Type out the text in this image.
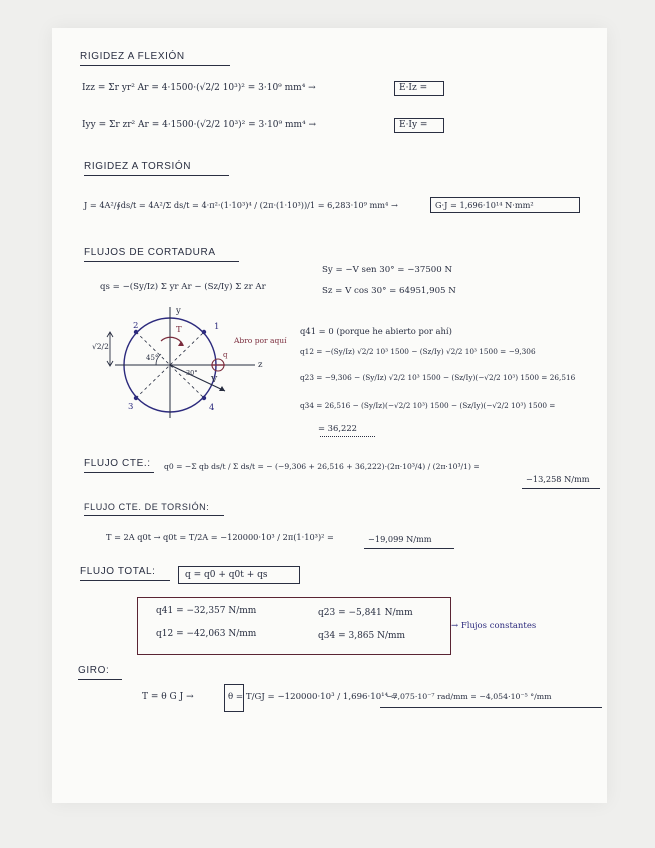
RIGIDEZ A FLEXIÓN
Izz = Σr yr² Ar = 4·1500·(√2/2 10³)² = 3·10⁹ mm⁴ →	E·Iz =
Iyy = Σr zr² Ar = 4·1500·(√2/2 10³)² = 3·10⁹ mm⁴ →	E·Iy =
RIGIDEZ A TORSIÓN
J = 4A²/∮ds/t = 4A²/Σ ds/t = 4·π²·(1·10³)⁴ / (2π·(1·10³))/1 = 6,283·10⁹ mm⁴ →	G·J = 1,696·10¹⁴ N·mm²
FLUJOS DE CORTADURA
qs = −(Sy/Iz) Σ yr Ar − (Sz/Iy) Σ zr Ar
Sy = −V sen 30° = −37500 N
Sz = V cos 30° = 64951,905 N
y
z
1
2
3	4
T
V
45°
30°
√2/2
Abro por aquí
q
q41 = 0 (porque he abierto por ahí)
q12 = −(Sy/Iz) √2/2 10³ 1500 − (Sz/Iy) √2/2 10³ 1500 = −9,306
q23 = −9,306 − (Sy/Iz) √2/2 10³ 1500 − (Sz/Iy)(−√2/2 10³) 1500 = 26,516
q34 = 26,516 − (Sy/Iz)(−√2/2 10³) 1500 − (Sz/Iy)(−√2/2 10³) 1500 =
= 36,222
FLUJO CTE.: q0 = −Σ qb ds/t / Σ ds/t = − (−9,306 + 26,516 + 36,222)·(2π·10³/4) / (2π·10³/1) =
−13,258 N/mm
FLUJO CTE. DE TORSIÓN:
T = 2A q0t → q0t = T/2A = −120000·10³ / 2π(1·10³)² =	−19,099 N/mm
FLUJO TOTAL:	q = q0 + q0t + qs
q41 = −32,357 N/mm
q12 = −42,063 N/mm
q23 = −5,841 N/mm
q34 = 3,865 N/mm
→ Flujos constantes
GIRO:
T = θ G J →	θ = T/GJ = −120000·10³ / 1,696·10¹⁴ =
−7,075·10⁻⁷ rad/mm = −4,054·10⁻⁵ °/mm
